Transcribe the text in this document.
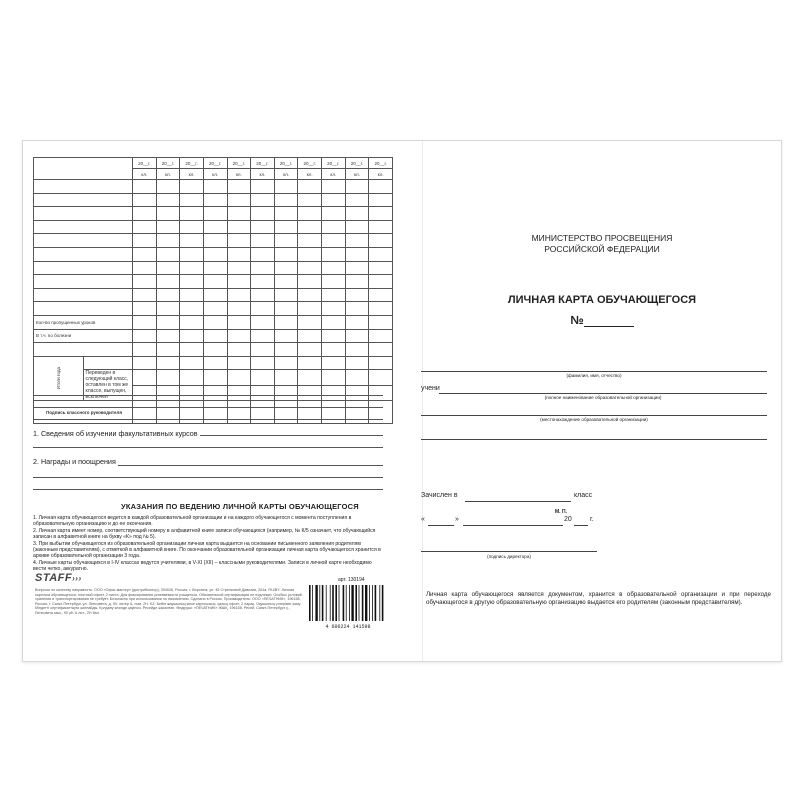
		20__г.	20__г.	20__г.	20__г.	20__г.	20__г.	20__г.	20__г.	20__г.	20__г.	20__г.
		кл.	кл.	кл.	кл.	кл.	кл.	кл.	кл.	кл.	кл.	кл.

Кол-во пропущенных уроков												
В т.ч. по болезни												

Итоги года												

	Переведен в следующий класс, оставлен в том же классе, выпущен, исключен											

Подпись классного руководителя												
1. Сведения об изучении факультативных курсов
2. Награды и поощрения
УКАЗАНИЯ ПО ВЕДЕНИЮ ЛИЧНОЙ КАРТЫ ОБУЧАЮЩЕГОСЯ

1. Личная карта обучающегося ведется в каждой образовательной организации и на каждого обучающегося с момента поступления в образовательную организацию и до ее окончания.

2. Личная карта имеет номер, соответствующий номеру в алфавитной книге записи обучающихся (например, № К/5 означает, что обучающийся записан в алфавитной книге на букву «К» под № 5).

3. При выбытии обучающегося из образовательной организации личная карта выдается на основании письменного заявления родителям (законным представителям), с отметкой в алфавитной книге. По окончании образовательной организации личная карта обучающегося хранится в архиве образовательной организации 3 года.

4. Личные карты обучающихся в I-IV классах ведутся учителями, в V-XI (XII) – классными руководителями. Записи в личной карте необходимо вести четко, аккуратно.

STAFF›››	арт. 130194
Вопросы по качеству направлять: ООО «Офис-мастер» (дистрибьютор), 394026, Россия, г. Воронеж, ул. 45 Стрелковой Дивизии, 261а. RU/BY: Личная карточка обучающегося, плотный офсет, 2 листа. Для фиксирования успеваемости учащегося. Обязательной сертификации не подлежит. Особых условий хранения и транспортирования не требует. Безопасно при использовании по назначению. Сделано в России. Производитель: ООО «ПЕЧАТНИК», 196158, Россия, г. Санкт-Петербург, ул. Ленсовета, д. 90, литер А, пом. 2Н. KZ: Бейін жаушының жеке карточкасы, қалың офсет, 2 парақ. Оқушының үлгерімін жазу. Міндетті сертификаттауға жатпайды. Қолдану кезінде қауіпсіз. Ресейде жасалған. Өндіруші: «ПЕЧАТНИК» ЖШҚ, 196158, Ресей, Санкт-Петербург қ., Ленсовета көш., 90 үй, А лит., 2Н бөл.
4 606224 141598
МИНИСТЕРСТВО ПРОСВЕЩЕНИЯ
РОССИЙСКОЙ ФЕДЕРАЦИИ
ЛИЧНАЯ КАРТА ОБУЧАЮЩЕГОСЯ
№
(фамилия, имя, отчество)
учени
(полное наименование образовательной организации)
(местонахождение образовательной организации)
Зачислен в	класс
«	»	20	г.
(подпись директора)
М. П.
Личная карта обучающегося является документом, хранится в образовательной организации и при переходе обучающегося в другую образовательную организацию выдается его родителям (законным представителям).
